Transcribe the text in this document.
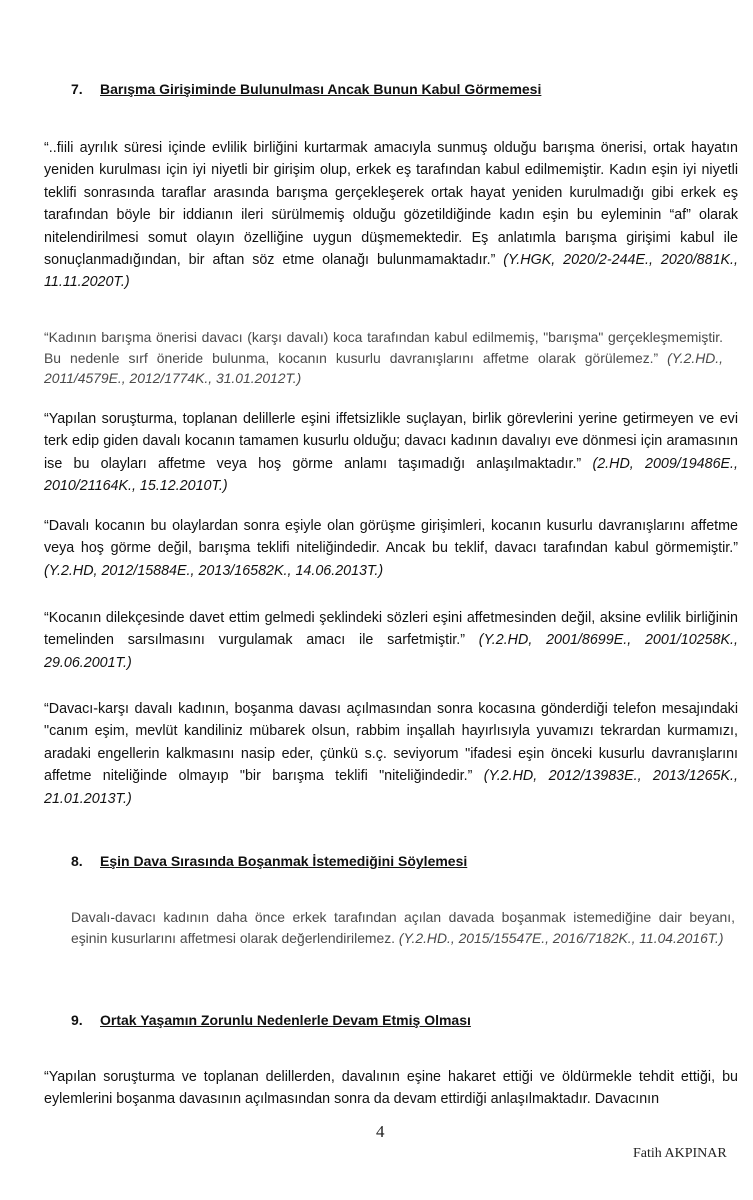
7. Barışma Girişiminde Bulunulması Ancak Bunun Kabul Görmemesi

“..fiili ayrılık süresi içinde evlilik birliğini kurtarmak amacıyla sunmuş olduğu barışma önerisi, ortak hayatın yeniden kurulması için iyi niyetli bir girişim olup, erkek eş tarafından kabul edilmemiştir. Kadın eşin iyi niyetli teklifi sonrasında taraflar arasında barışma gerçekleşerek ortak hayat yeniden kurulmadığı gibi erkek eş tarafından böyle bir iddianın ileri sürülmemiş olduğu gözetildiğinde kadın eşin bu eyleminin “af” olarak nitelendirilmesi somut olayın özelliğine uygun düşmemektedir. Eş anlatımla barışma girişimi kabul ile sonuçlanmadığından, bir aftan söz etme olanağı bulunmamaktadır.” (Y.HGK, 2020/2-244E., 2020/881K., 11.11.2020T.)

“Kadının barışma önerisi davacı (karşı davalı) koca tarafından kabul edilmemiş, "barışma" gerçekleşmemiştir. Bu nedenle sırf öneride bulunma, kocanın kusurlu davranışlarını affetme olarak görülemez.” (Y.2.HD., 2011/4579E., 2012/1774K., 31.01.2012T.)

“Yapılan soruşturma, toplanan delillerle eşini iffetsizlikle suçlayan, birlik görevlerini yerine getirmeyen ve evi terk edip giden davalı kocanın tamamen kusurlu olduğu; davacı kadının davalıyı eve dönmesi için aramasının ise bu olayları affetme veya hoş görme anlamı taşımadığı anlaşılmaktadır.” (2.HD, 2009/19486E., 2010/21164K., 15.12.2010T.)

“Davalı kocanın bu olaylardan sonra eşiyle olan görüşme girişimleri, kocanın kusurlu davranışlarını affetme veya hoş görme değil, barışma teklifi niteliğindedir. Ancak bu teklif, davacı tarafından kabul görmemiştir.” (Y.2.HD, 2012/15884E., 2013/16582K., 14.06.2013T.)

“Kocanın dilekçesinde davet ettim gelmedi şeklindeki sözleri eşini affetmesinden değil, aksine evlilik birliğinin temelinden sarsılmasını vurgulamak amacı ile sarfetmiştir.” (Y.2.HD, 2001/8699E., 2001/10258K., 29.06.2001T.)

“Davacı-karşı davalı kadının, boşanma davası açılmasından sonra kocasına gönderdiği telefon mesajındaki "canım eşim, mevlüt kandiliniz mübarek olsun, rabbim inşallah hayırlısıyla yuvamızı tekrardan kurmamızı, aradaki engellerin kalkmasını nasip eder, çünkü s.ç. seviyorum "ifadesi eşin önceki kusurlu davranışlarını affetme niteliğinde olmayıp "bir barışma teklifi "niteliğindedir.” (Y.2.HD, 2012/13983E., 2013/1265K., 21.01.2013T.)

8. Eşin Dava Sırasında Boşanmak İstemediğini Söylemesi

Davalı-davacı kadının daha önce erkek tarafından açılan davada boşanmak istemediğine dair beyanı, eşinin kusurlarını affetmesi olarak değerlendirilemez. (Y.2.HD., 2015/15547E., 2016/7182K., 11.04.2016T.)

9. Ortak Yaşamın Zorunlu Nedenlerle Devam Etmiş Olması

“Yapılan soruşturma ve toplanan delillerden, davalının eşine hakaret ettiği ve öldürmekle tehdit ettiği, bu eylemlerini boşanma davasının açılmasından sonra da devam ettirdiği anlaşılmaktadır. Davacının

4
Fatih AKPINAR
